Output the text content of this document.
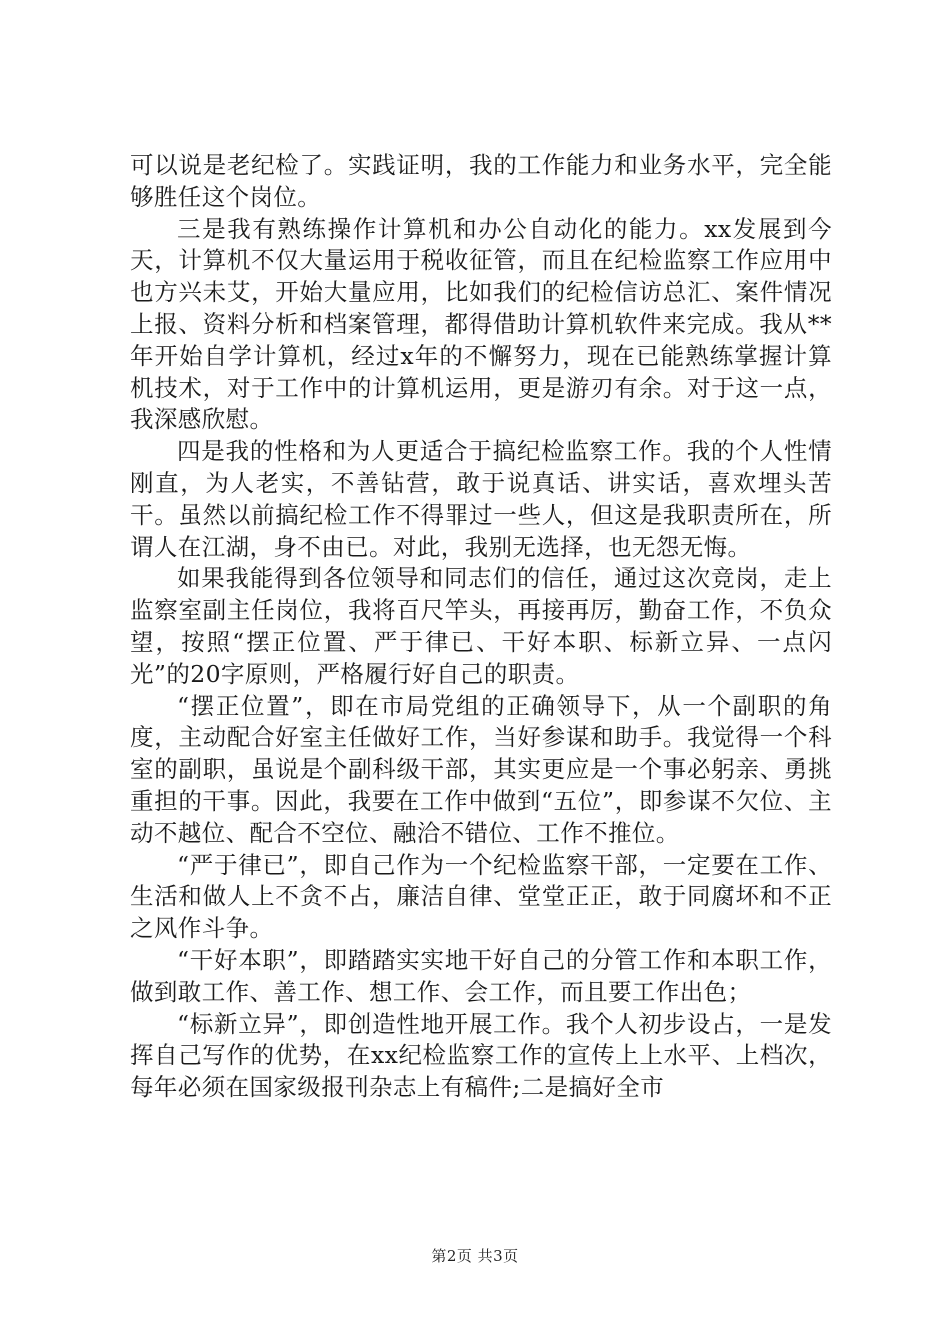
可以说是老纪检了。实践证明，我的工作能力和业务水平，完全能够胜任这个岗位。

三是我有熟练操作计算机和办公自动化的能力。xx发展到今天，计算机不仅大量运用于税收征管，而且在纪检监察工作应用中也方兴未艾，开始大量应用，比如我们的纪检信访总汇、案件情况上报、资料分析和档案管理，都得借助计算机软件来完成。我从**年开始自学计算机，经过x年的不懈努力，现在已能熟练掌握计算机技术，对于工作中的计算机运用，更是游刃有余。对于这一点，我深感欣慰。

四是我的性格和为人更适合于搞纪检监察工作。我的个人性情刚直，为人老实，不善钻营，敢于说真话、讲实话，喜欢埋头苦干。虽然以前搞纪检工作不得罪过一些人，但这是我职责所在，所谓人在江湖，身不由已。对此，我别无选择，也无怨无悔。

如果我能得到各位领导和同志们的信任，通过这次竞岗，走上监察室副主任岗位，我将百尺竿头，再接再厉，勤奋工作，不负众望，按照“摆正位置、严于律已、干好本职、标新立异、一点闪光”的20字原则，严格履行好自己的职责。

“摆正位置”，即在市局党组的正确领导下，从一个副职的角度，主动配合好室主任做好工作，当好参谋和助手。我觉得一个科室的副职，虽说是个副科级干部，其实更应是一个事必躬亲、勇挑重担的干事。因此，我要在工作中做到“五位”，即参谋不欠位、主动不越位、配合不空位、融洽不错位、工作不推位。

“严于律已”，即自己作为一个纪检监察干部，一定要在工作、生活和做人上不贪不占，廉洁自律、堂堂正正，敢于同腐坏和不正之风作斗争。

“干好本职”，即踏踏实实地干好自己的分管工作和本职工作，做到敢工作、善工作、想工作、会工作，而且要工作出色；

“标新立异”，即创造性地开展工作。我个人初步设占，一是发挥自己写作的优势，在xx纪检监察工作的宣传上上水平、上档次，每年必须在国家级报刊杂志上有稿件;二是搞好全市

第2页 共3页
